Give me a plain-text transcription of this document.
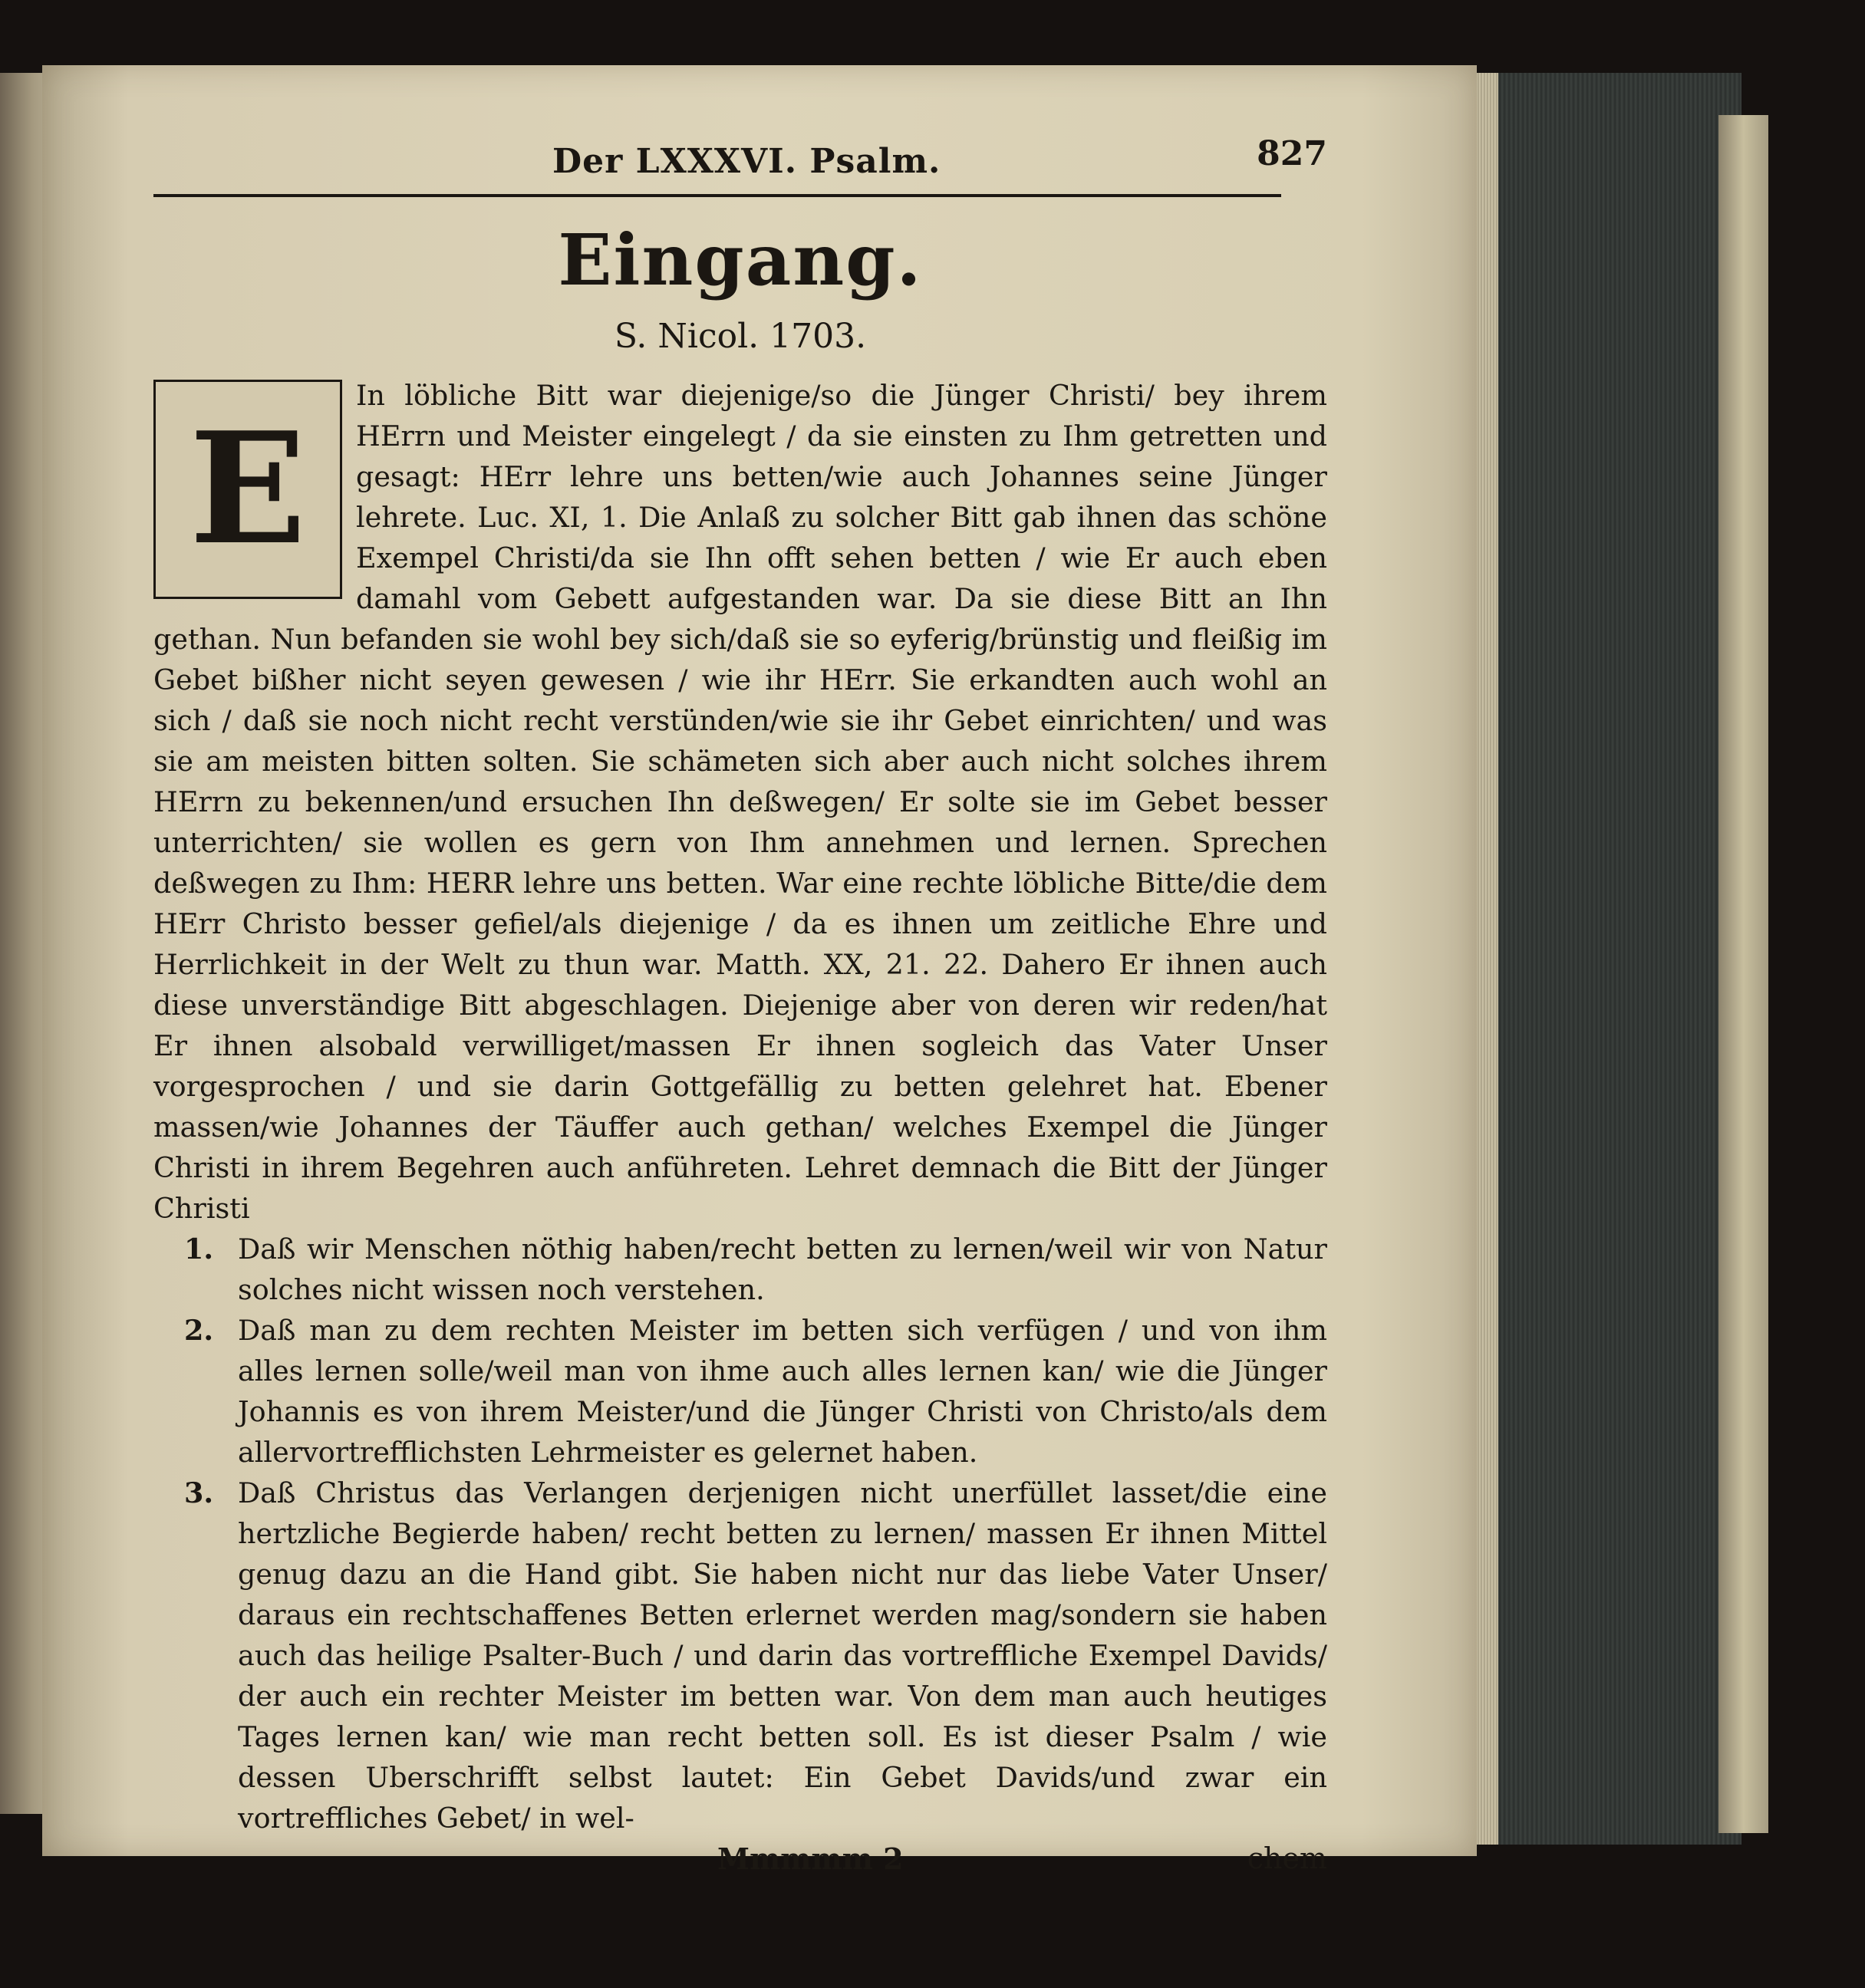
Der LXXXVI. Psalm.	827
Eingang.
S. Nicol. 1703.
E

In löbliche Bitt war diejenige/so die Jünger Christi/ bey ihrem HErrn und Meister eingelegt / da sie einsten zu Ihm getretten und gesagt: HErr lehre uns betten/wie auch Johannes seine Jünger lehrete. Luc. XI, 1. Die Anlaß zu solcher Bitt gab ihnen das schöne Exempel Christi/da sie Ihn offt sehen betten / wie Er auch eben damahl vom Gebett aufgestanden war. Da sie diese Bitt an Ihn gethan. Nun befanden sie wohl bey sich/daß sie so eyferig/brünstig und fleißig im Gebet bißher nicht seyen gewesen / wie ihr HErr. Sie erkandten auch wohl an sich / daß sie noch nicht recht verstünden/wie sie ihr Gebet einrichten/ und was sie am meisten bitten solten. Sie schämeten sich aber auch nicht solches ihrem HErrn zu bekennen/und ersuchen Ihn deßwegen/ Er solte sie im Gebet besser unterrichten/ sie wollen es gern von Ihm annehmen und lernen. Sprechen deßwegen zu Ihm: HERR lehre uns betten. War eine rechte löbliche Bitte/die dem HErr Christo besser gefiel/als diejenige / da es ihnen um zeitliche Ehre und Herrlichkeit in der Welt zu thun war. Matth. XX, 21. 22. Dahero Er ihnen auch diese unverständige Bitt abgeschlagen. Diejenige aber von deren wir reden/hat Er ihnen alsobald verwilliget/massen Er ihnen sogleich das Vater Unser vorgesprochen / und sie darin Gottgefällig zu betten gelehret hat. Ebener massen/wie Johannes der Täuffer auch gethan/ welches Exempel die Jünger Christi in ihrem Begehren auch anführeten. Lehret demnach die Bitt der Jünger Christi

1. Daß wir Menschen nöthig haben/recht betten zu lernen/weil wir von Natur solches nicht wissen noch verstehen.
2. Daß man zu dem rechten Meister im betten sich verfügen / und von ihm alles lernen solle/weil man von ihme auch alles lernen kan/ wie die Jünger Johannis es von ihrem Meister/und die Jünger Christi von Christo/als dem allervortrefflichsten Lehrmeister es gelernet haben.
3. Daß Christus das Verlangen derjenigen nicht unerfüllet lasset/die eine hertzliche Begierde haben/ recht betten zu lernen/ massen Er ihnen Mittel genug dazu an die Hand gibt. Sie haben nicht nur das liebe Vater Unser/ daraus ein rechtschaffenes Betten erlernet werden mag/sondern sie haben auch das heilige Psalter-Buch / und darin das vortreffliche Exempel Davids/ der auch ein rechter Meister im betten war. Von dem man auch heutiges Tages lernen kan/ wie man recht betten soll. Es ist dieser Psalm / wie dessen Uberschrifft selbst lautet: Ein Gebet Davids/und zwar ein vortreffliches Gebet/ in wel-
Mmmmm 2	chem
